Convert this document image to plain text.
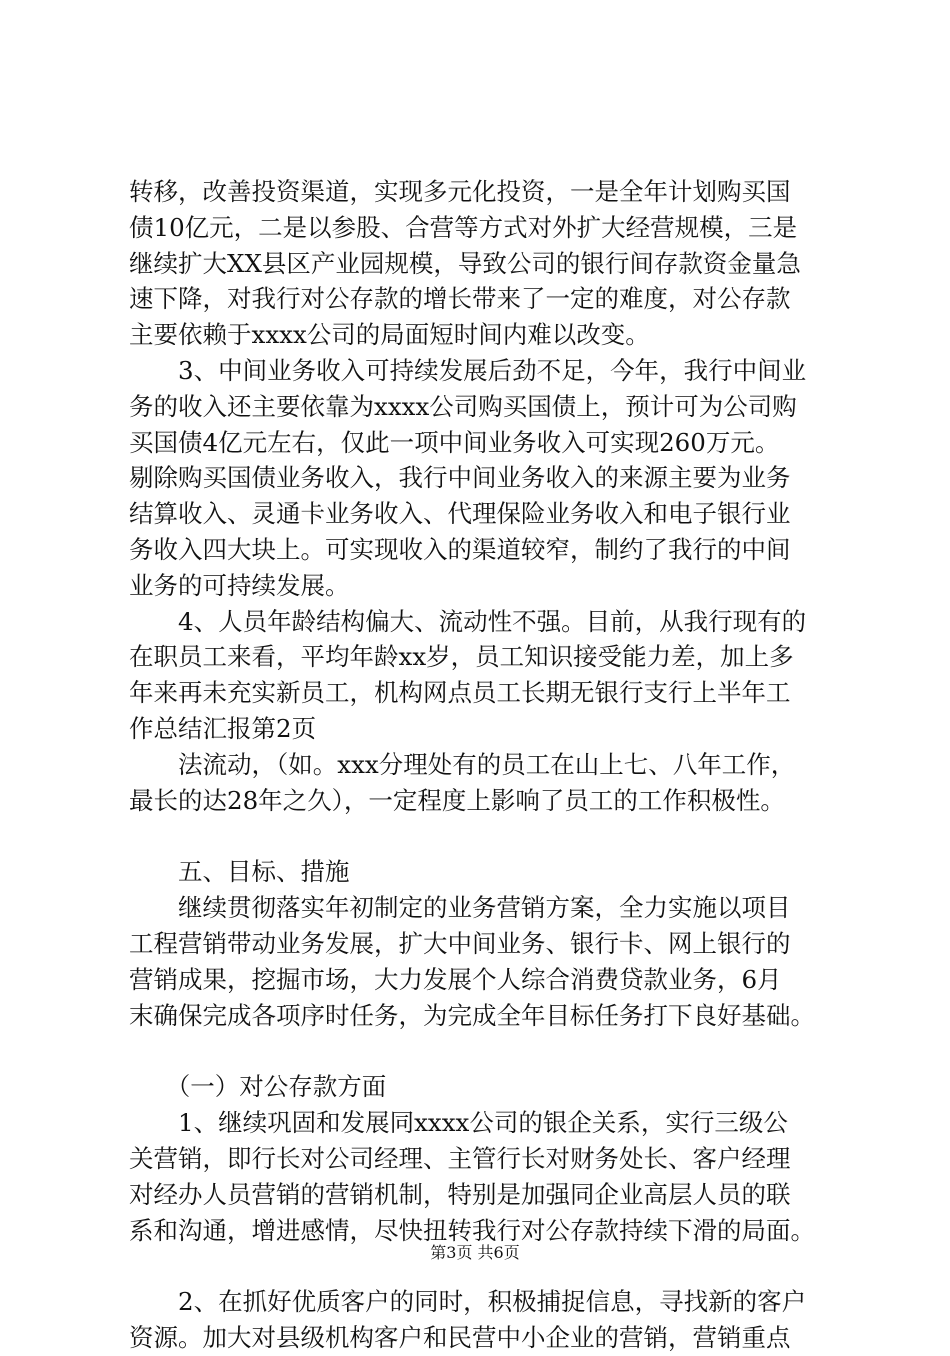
转移，改善投资渠道，实现多元化投资，一是全年计划购买国
债10亿元，二是以参股、合营等方式对外扩大经营规模，三是
继续扩大XX县区产业园规模，导致公司的银行间存款资金量急
速下降，对我行对公存款的增长带来了一定的难度，对公存款
主要依赖于xxxx公司的局面短时间内难以改变。
　　3、中间业务收入可持续发展后劲不足，今年，我行中间业
务的收入还主要依靠为xxxx公司购买国债上，预计可为公司购
买国债4亿元左右，仅此一项中间业务收入可实现260万元。
剔除购买国债业务收入，我行中间业务收入的来源主要为业务
结算收入、灵通卡业务收入、代理保险业务收入和电子银行业
务收入四大块上。可实现收入的渠道较窄，制约了我行的中间
业务的可持续发展。
　　4、人员年龄结构偏大、流动性不强。目前，从我行现有的
在职员工来看，平均年龄xx岁，员工知识接受能力差，加上多
年来再未充实新员工，机构网点员工长期无银行支行上半年工
作总结汇报第2页
　　法流动，（如。xxx分理处有的员工在山上七、八年工作，
最长的达28年之久），一定程度上影响了员工的工作积极性。
　　五、目标、措施
　　继续贯彻落实年初制定的业务营销方案，全力实施以项目
工程营销带动业务发展，扩大中间业务、银行卡、网上银行的
营销成果，挖掘市场，大力发展个人综合消费贷款业务，6月
末确保完成各项序时任务，为完成全年目标任务打下良好基础。
　　（一）对公存款方面
　　1、继续巩固和发展同xxxx公司的银企关系，实行三级公
关营销，即行长对公司经理、主管行长对财务处长、客户经理
对经办人员营销的营销机制，特别是加强同企业高层人员的联
系和沟通，增进感情，尽快扭转我行对公存款持续下滑的局面。
　　2、在抓好优质客户的同时，积极捕捉信息，寻找新的客户
资源。加大对县级机构客户和民营中小企业的营销，营销重点
第3页 共6页
